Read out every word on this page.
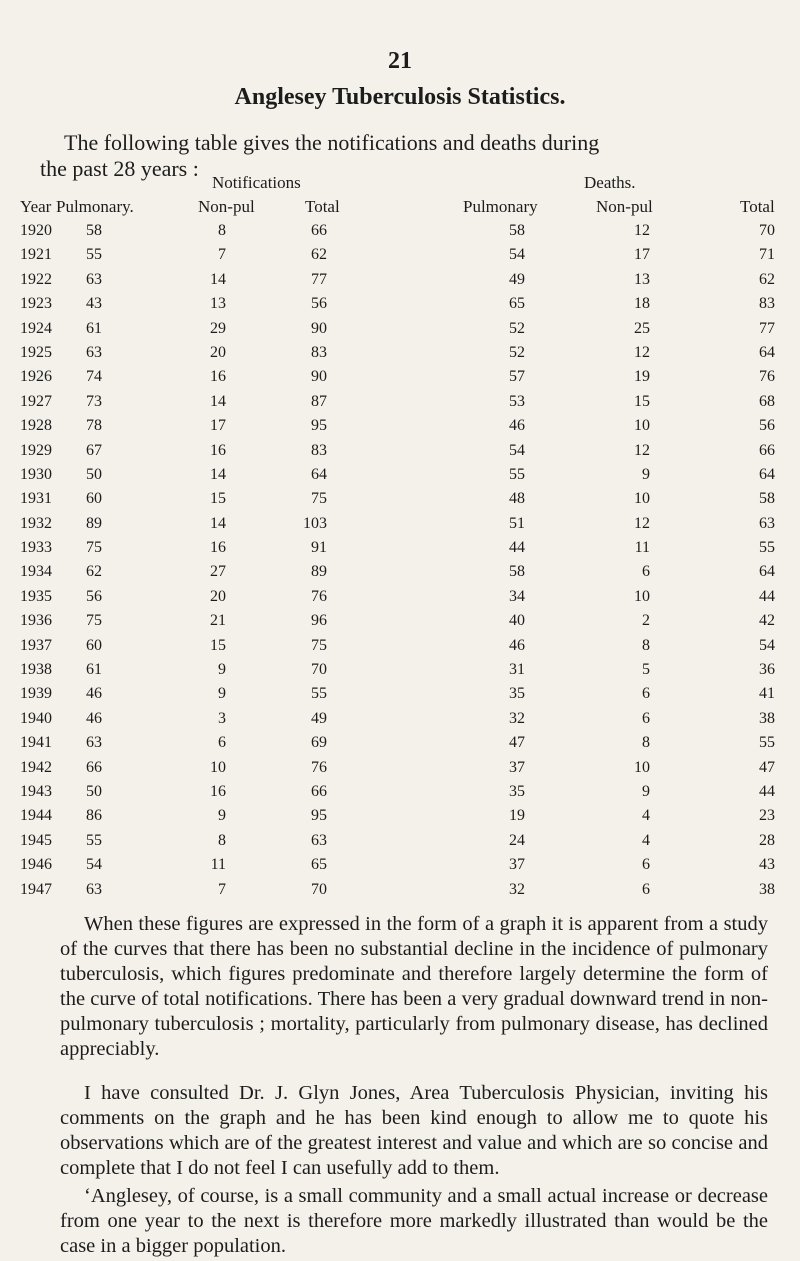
21
Anglesey Tuberculosis Statistics.
The following table gives the notifications and deaths during
the past 28 years :
Notifications	Deaths.
Year Pulmonary.	Non-pul	Total	Pulmonary	Non-pul	Total
1920	58	8	66	58	12	70
1921	55	7	62	54	17	71
1922	63	14	77	49	13	62
1923	43	13	56	65	18	83
1924	61	29	90	52	25	77
1925	63	20	83	52	12	64
1926	74	16	90	57	19	76
1927	73	14	87	53	15	68
1928	78	17	95	46	10	56
1929	67	16	83	54	12	66
1930	50	14	64	55	9	64
1931	60	15	75	48	10	58
1932	89	14	103	51	12	63
1933	75	16	91	44	11	55
1934	62	27	89	58	6	64
1935	56	20	76	34	10	44
1936	75	21	96	40	2	42
1937	60	15	75	46	8	54
1938	61	9	70	31	5	36
1939	46	9	55	35	6	41
1940	46	3	49	32	6	38
1941	63	6	69	47	8	55
1942	66	10	76	37	10	47
1943	50	16	66	35	9	44
1944	86	9	95	19	4	23
1945	55	8	63	24	4	28
1946	54	11	65	37	6	43
1947	63	7	70	32	6	38

When these figures are expressed in the form of a graph it is apparent from a study of the curves that there has been no substantial decline in the incidence of pulmonary tuberculosis, which figures predominate and therefore largely determine the form of the curve of total notifications. There has been a very gradual downward trend in non-pulmonary tuberculosis ; mortality, particularly from pulmonary disease, has declined appreciably.

I have consulted Dr. J. Glyn Jones, Area Tuberculosis Physician, inviting his comments on the graph and he has been kind enough to allow me to quote his observations which are of the greatest interest and value and which are so concise and complete that I do not feel I can usefully add to them.

‘Anglesey, of course, is a small community and a small actual increase or decrease from one year to the next is therefore more markedly illustrated than would be the case in a bigger population.
